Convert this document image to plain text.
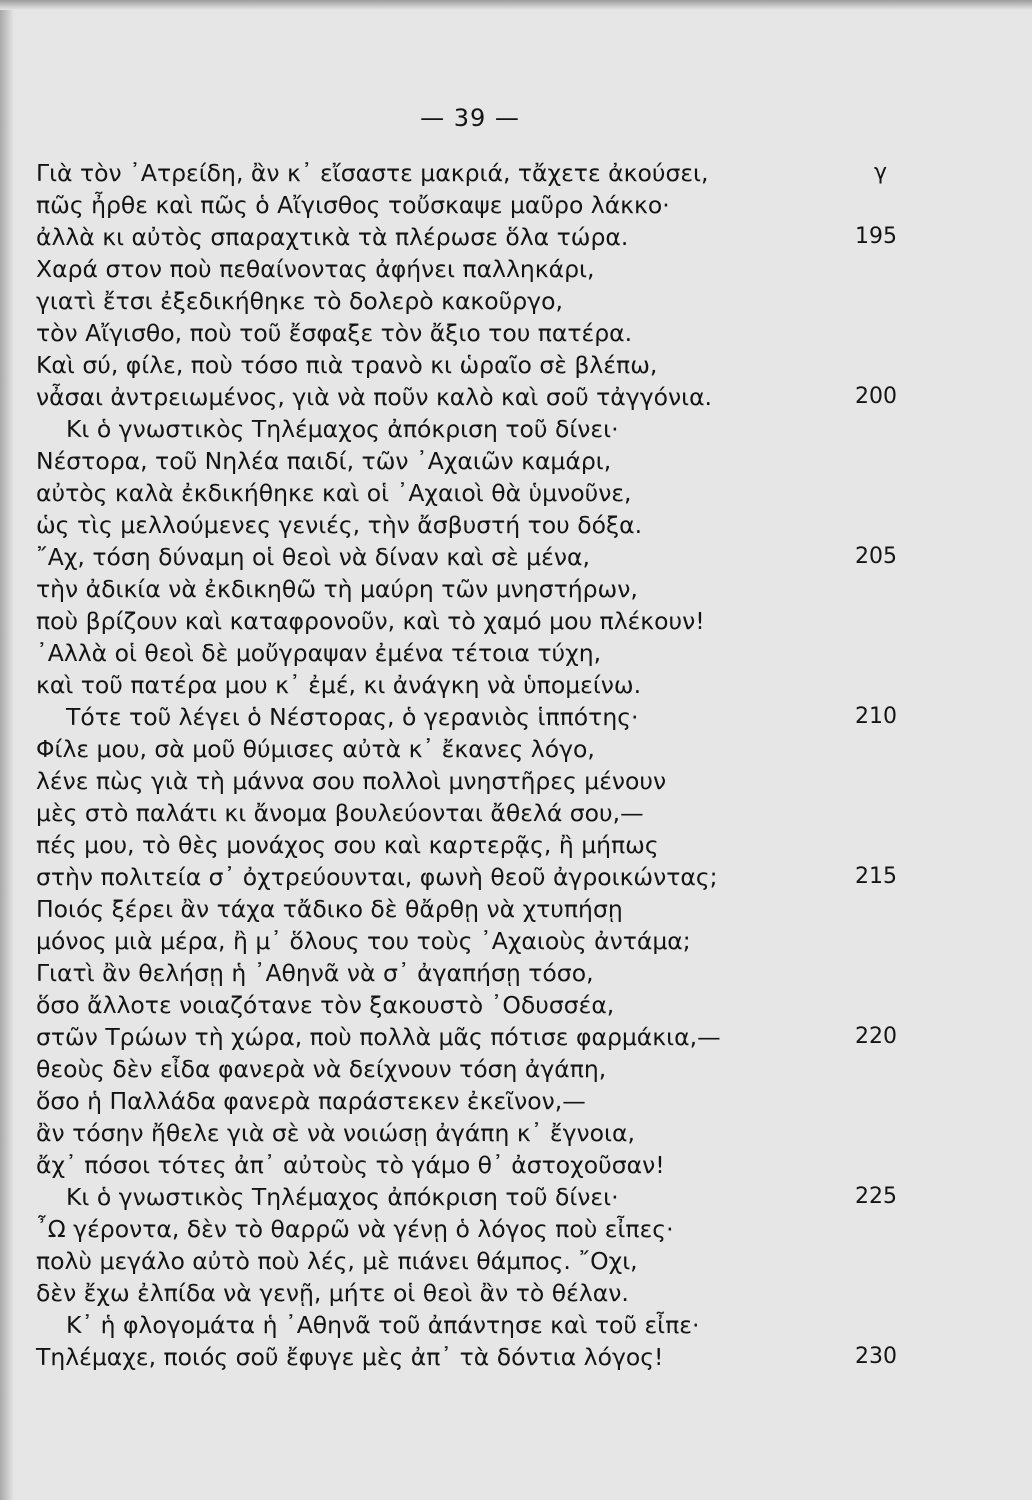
— 39 —
γ
Γιὰ τὸν ᾿Ατρείδη, ἂν κ᾿ εἴσαστε μακριά, τἄχετε ἀκούσει,
πῶς ἦρθε καὶ πῶς ὁ Αἴγισθος τοὔσκαψε μαῦρο λάκκο·
ἀλλὰ κι αὐτὸς σπαραχτικὰ τὰ πλέρωσε ὅλα τώρα.
Χαρά στον ποὺ πεθαίνοντας ἀφήνει παλληκάρι,
γιατὶ ἔτσι ἐξεδικήθηκε τὸ δολερὸ κακοῦργο,
τὸν Αἴγισθο, ποὺ τοῦ ἔσφαξε τὸν ἄξιο του πατέρα.
Καὶ σύ, φίλε, ποὺ τόσο πιὰ τρανὸ κι ὡραῖο σὲ βλέπω,
νἆσαι ἀντρειωμένος, γιὰ νὰ ποῦν καλὸ καὶ σοῦ τἀγγόνια.
Κι ὁ γνωστικὸς Τηλέμαχος ἀπόκριση τοῦ δίνει·
Νέστορα, τοῦ Νηλέα παιδί, τῶν ᾿Αχαιῶν καμάρι,
αὐτὸς καλὰ ἐκδικήθηκε καὶ οἱ ᾿Αχαιοὶ θὰ ὑμνοῦνε,
ὡς τὶς μελλούμενες γενιές, τὴν ἄσβυστή του δόξα.
῎Αχ, τόση δύναμη οἱ θεοὶ νὰ δίναν καὶ σὲ μένα,
τὴν ἀδικία νὰ ἐκδικηθῶ τὴ μαύρη τῶν μνηστήρων,
ποὺ βρίζουν καὶ καταφρονοῦν, καὶ τὸ χαμό μου πλέκουν!
᾿Αλλὰ οἱ θεοὶ δὲ μοὔγραψαν ἐμένα τέτοια τύχη,
καὶ τοῦ πατέρα μου κ᾿ ἐμέ, κι ἀνάγκη νὰ ὑπομείνω.
Τότε τοῦ λέγει ὁ Νέστορας, ὁ γερανιὸς ἱππότης·
Φίλε μου, σὰ μοῦ θύμισες αὐτὰ κ᾿ ἔκανες λόγο,
λένε πὼς γιὰ τὴ μάννα σου πολλοὶ μνηστῆρες μένουν
μὲς στὸ παλάτι κι ἄνομα βουλεύονται ἄθελά σου,—
πές μου, τὸ θὲς μονάχος σου καὶ καρτερᾷς, ἢ μήπως
στὴν πολιτεία σ᾿ ὀχτρεύουνται, φωνὴ θεοῦ ἀγροικώντας;
Ποιός ξέρει ἂν τάχα τἄδικο δὲ θἄρθῃ νὰ χτυπήσῃ
μόνος μιὰ μέρα, ἢ μ᾿ ὅλους του τοὺς ᾿Αχαιοὺς ἀντάμα;
Γιατὶ ἂν θελήσῃ ἡ ᾿Αθηνᾶ νὰ σ᾿ ἀγαπήσῃ τόσο,
ὅσο ἄλλοτε νοιαζότανε τὸν ξακουστὸ ᾿Οδυσσέα,
στῶν Τρώων τὴ χώρα, ποὺ πολλὰ μᾶς πότισε φαρμάκια,—
θεοὺς δὲν εἶδα φανερὰ νὰ δείχνουν τόση ἀγάπη,
ὅσο ἡ Παλλάδα φανερὰ παράστεκεν ἐκεῖνον,—
ἂν τόσην ἤθελε γιὰ σὲ νὰ νοιώσῃ ἀγάπη κ᾿ ἔγνοια,
ἄχ᾿ πόσοι τότες ἀπ᾿ αὐτοὺς τὸ γάμο θ᾿ ἀστοχοῦσαν!
Κι ὁ γνωστικὸς Τηλέμαχος ἀπόκριση τοῦ δίνει·
῏Ω γέροντα, δὲν τὸ θαρρῶ νὰ γένῃ ὁ λόγος ποὺ εἶπες·
πολὺ μεγάλο αὐτὸ ποὺ λές, μὲ πιάνει θάμπος. ῎Οχι,
δὲν ἔχω ἐλπίδα νὰ γενῇ, μήτε οἱ θεοὶ ἂν τὸ θέλαν.
Κ᾿ ἡ φλογομάτα ἡ ᾿Αθηνᾶ τοῦ ἀπάντησε καὶ τοῦ εἶπε·
Τηλέμαχε, ποιός σοῦ ἔφυγε μὲς ἀπ᾿ τὰ δόντια λόγος!
195
200
205
210
215
220
225
230
